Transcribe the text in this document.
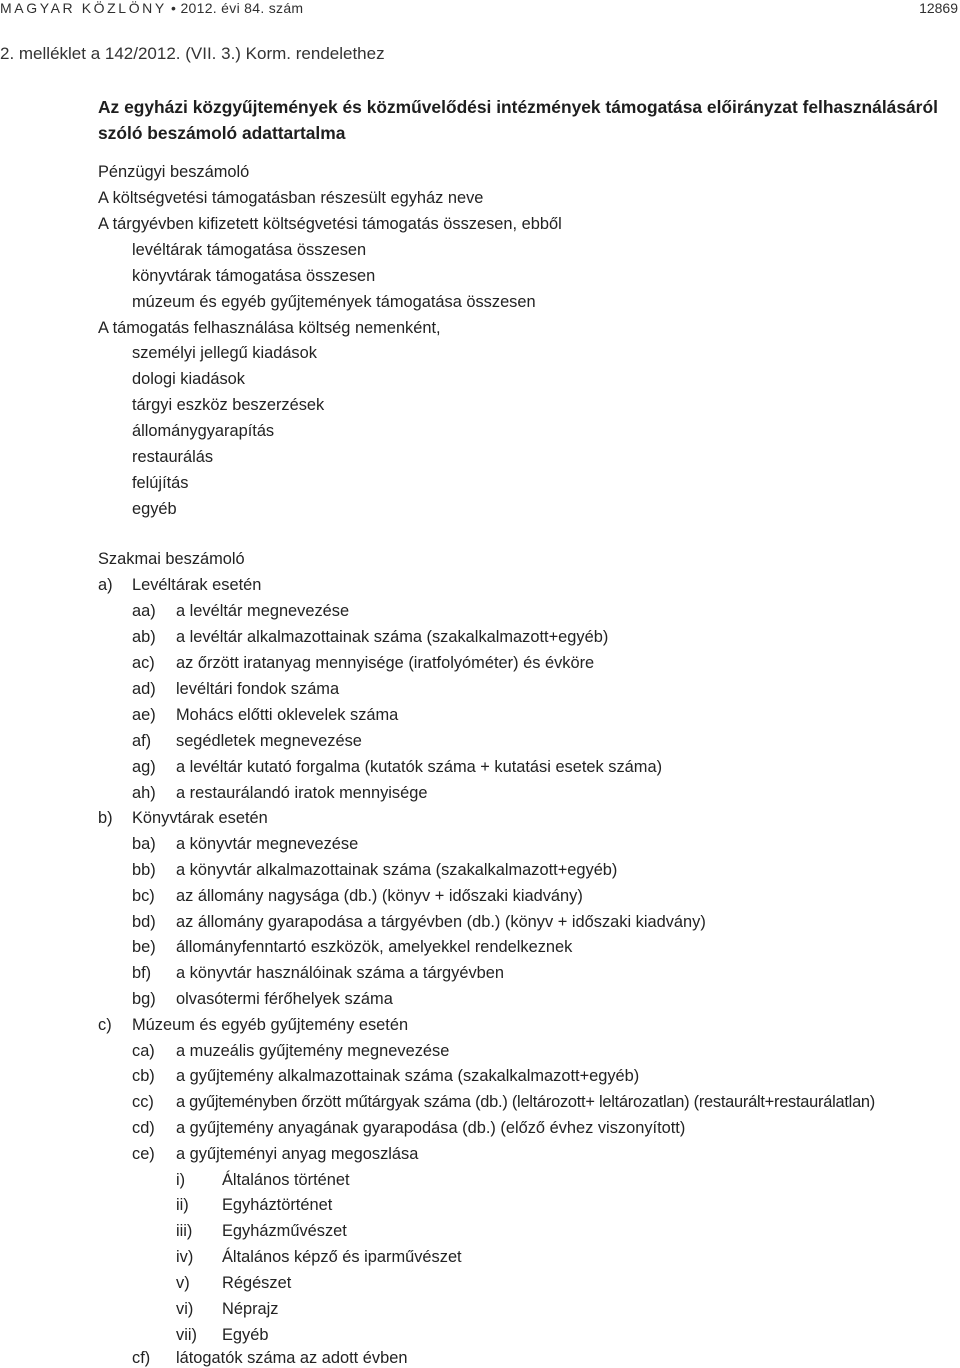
MAGYAR KÖZLÖNY • 2012. évi 84. szám	12869
2. melléklet a 142/2012. (VII. 3.) Korm. rendelethez
Az egyházi közgyűjtemények és közművelődési intézmények támogatása előirányzat felhasználásáról szóló beszámoló adattartalma
Pénzügyi beszámoló
A költségvetési támogatásban részesült egyház neve
A tárgyévben kifizetett költségvetési támogatás összesen, ebből
levéltárak támogatása összesen
könyvtárak támogatása összesen
múzeum és egyéb gyűjtemények támogatása összesen
A támogatás felhasználása költség nemenként,
személyi jellegű kiadások
dologi kiadások
tárgyi eszköz beszerzések
állománygyarapítás
restaurálás
felújítás
egyéb
Szakmai beszámoló
a) Levéltárak esetén
aa) a levéltár megnevezése
ab) a levéltár alkalmazottainak száma (szakalkalmazott+egyéb)
ac) az őrzött iratanyag mennyisége (iratfolyóméter) és évköre
ad) levéltári fondok száma
ae) Mohács előtti oklevelek száma
af) segédletek megnevezése
ag) a levéltár kutató forgalma (kutatók száma + kutatási esetek száma)
ah) a restaurálandó iratok mennyisége
b) Könyvtárak esetén
ba) a könyvtár megnevezése
bb) a könyvtár alkalmazottainak száma (szakalkalmazott+egyéb)
bc) az állomány nagysága (db.) (könyv + időszaki kiadvány)
bd) az állomány gyarapodása a tárgyévben (db.) (könyv + időszaki kiadvány)
be) állományfenntartó eszközök, amelyekkel rendelkeznek
bf) a könyvtár használóinak száma a tárgyévben
bg) olvasótermi férőhelyek száma
c) Múzeum és egyéb gyűjtemény esetén
ca) a muzeális gyűjtemény megnevezése
cb) a gyűjtemény alkalmazottainak száma (szakalkalmazott+egyéb)
cc) a gyűjteményben őrzött műtárgyak száma (db.) (leltározott+ leltározatlan) (restaurált+restaurálatlan)
cd) a gyűjtemény anyagának gyarapodása (db.) (előző évhez viszonyított)
ce) a gyűjteményi anyag megoszlása
i) Általános történet
ii) Egyháztörténet
iii) Egyházművészet
iv) Általános képző és iparművészet
v) Régészet
vi) Néprajz
vii) Egyéb
cf) látogatók száma az adott évben
